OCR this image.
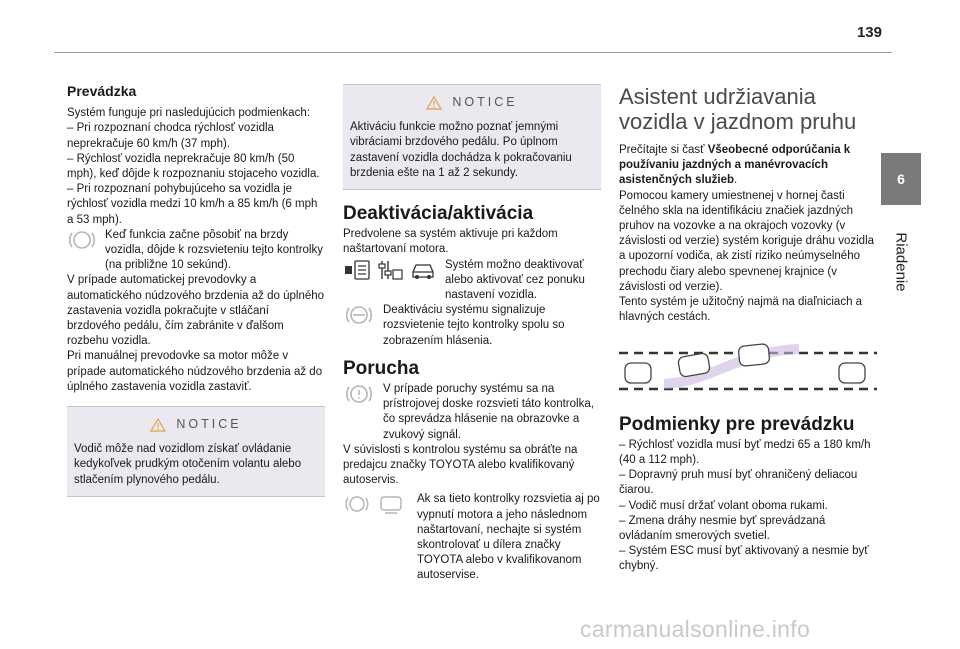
139
6
Riadenie
Prevádzka

Systém funguje pri nasledujúcich podmienkach:

– Pri rozpoznaní chodca rýchlosť vozidla neprekračuje 60 km/h (37 mph).

– Rýchlosť vozidla neprekračuje 80 km/h (50 mph), keď dôjde k rozpoznaniu stojaceho vozidla.

– Pri rozpoznaní pohybujúceho sa vozidla je rýchlosť vozidla medzi 10 km/h a 85 km/h (6 mph a 53 mph).

Keď funkcia začne pôsobiť na brzdy vozidla, dôjde k rozsvieteniu tejto kontrolky (na približne 10 sekúnd).

V prípade automatickej prevodovky a automatického núdzového brzdenia až do úplného zastavenia vozidla pokračujte v stláčaní brzdového pedálu, čím zabránite v ďalšom rozbehu vozidla.

Pri manuálnej prevodovke sa motor môže v prípade automatického núdzového brzdenia až do úplného zastavenia vozidla zastaviť.

NOTICE

Vodič môže nad vozidlom získať ovládanie kedykoľvek prudkým otočením volantu alebo stlačením plynového pedálu.

NOTICE

Aktiváciu funkcie možno poznať jemnými vibráciami brzdového pedálu. Po úplnom zastavení vozidla dochádza k pokračovaniu brzdenia ešte na 1 až 2 sekundy.

Deaktivácia/aktivácia

Predvolene sa systém aktivuje pri každom naštartovaní motora.

Systém možno deaktivovať alebo aktivovať cez ponuku nastavení vozidla.

Deaktiváciu systému signalizuje rozsvietenie tejto kontrolky spolu so zobrazením hlásenia.

Porucha

V prípade poruchy systému sa na prístrojovej doske rozsvieti táto kontrolka, čo sprevádza hlásenie na obrazovke a zvukový signál.

V súvislosti s kontrolou systému sa obráťte na predajcu značky TOYOTA alebo kvalifikovaný autoservis.

Ak sa tieto kontrolky rozsvietia aj po vypnutí motora a jeho následnom naštartovaní, nechajte si systém skontrolovať u dílera značky TOYOTA alebo v kvalifikovanom autoservise.

Asistent udržiavania vozidla v jazdnom pruhu

Prečítajte si časť Všeobecné odporúčania k používaniu jazdných a manévrovacích asistenčných služieb.

Pomocou kamery umiestnenej v hornej časti čelného skla na identifikáciu značiek jazdných pruhov na vozovke a na okrajoch vozovky (v závislosti od verzie) systém koriguje dráhu vozidla a upozorní vodiča, ak zistí riziko neúmyselného prechodu čiary alebo spevnenej krajnice (v závislosti od verzie).

Tento systém je užitočný najmä na diaľniciach a hlavných cestách.

Podmienky pre prevádzku

– Rýchlosť vozidla musí byť medzi 65 a 180 km/h (40 a 112 mph).

– Dopravný pruh musí byť ohraničený deliacou čiarou.

– Vodič musí držať volant oboma rukami.

– Zmena dráhy nesmie byť sprevádzaná ovládaním smerových svetiel.

– Systém ESC musí byť aktivovaný a nesmie byť chybný.

carmanualsonline.info
